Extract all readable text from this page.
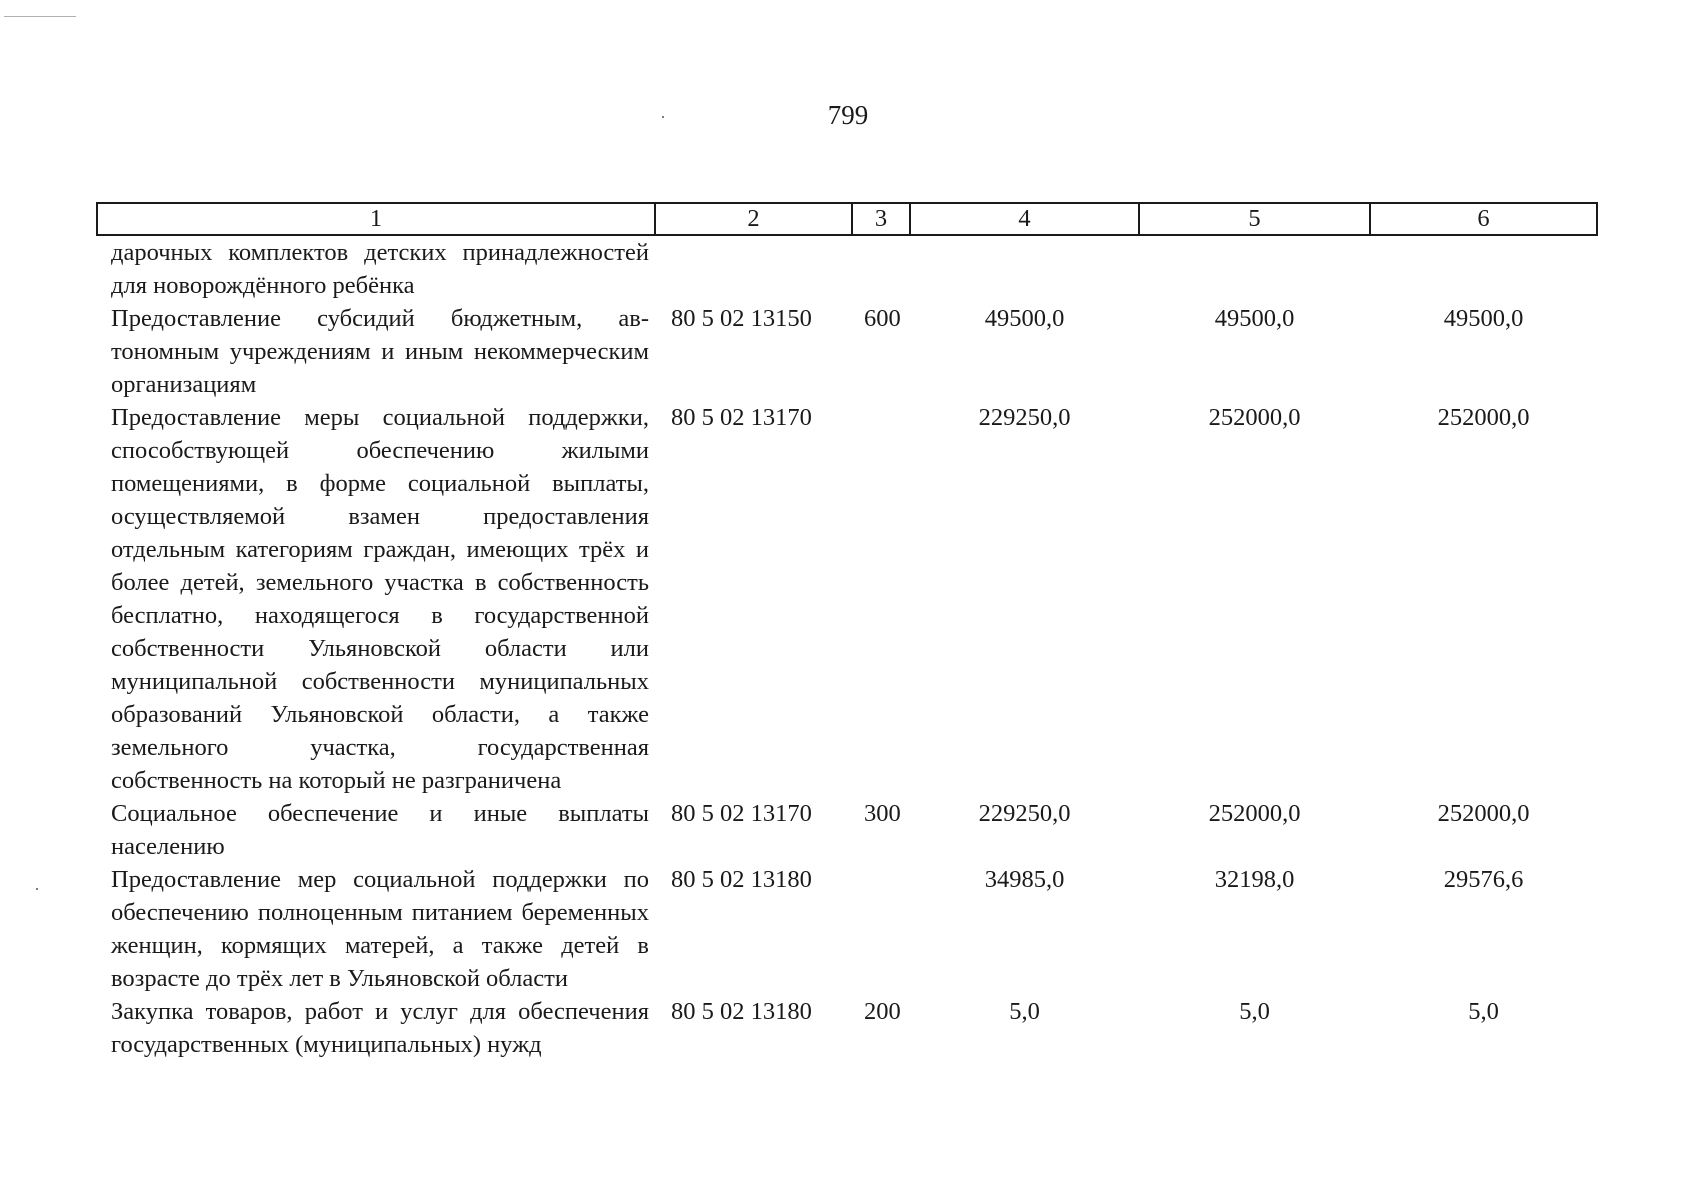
799
1	2	3	4	5	6
дарочных комплектов детских принадлежностей для новорождённого ребёнка					
Предоставление субсидий бюджетным, автономным учреждениям и иным некоммерческим организациям	80 5 02 13150	600	49500,0	49500,0	49500,0
Предоставление меры социальной поддержки, способствующей обеспечению жилыми помещениями, в форме социальной выплаты, осуществляемой взамен предоставления отдельным категориям граждан, имеющих трёх и более детей, земельного участка в собственность бесплатно, находящегося в государственной собственности Ульяновской области или муниципальной собственности муниципальных образований Ульяновской области, а также земельного участка, государственная собственность на который не разграничена	80 5 02 13170		229250,0	252000,0	252000,0
Социальное обеспечение и иные выплаты населению	80 5 02 13170	300	229250,0	252000,0	252000,0
Предоставление мер социальной поддержки по обеспечению полноценным питанием беременных женщин, кормящих матерей, а также детей в возрасте до трёх лет в Ульяновской области	80 5 02 13180		34985,0	32198,0	29576,6
Закупка товаров, работ и услуг для обеспечения государственных (муниципальных) нужд	80 5 02 13180	200	5,0	5,0	5,0
